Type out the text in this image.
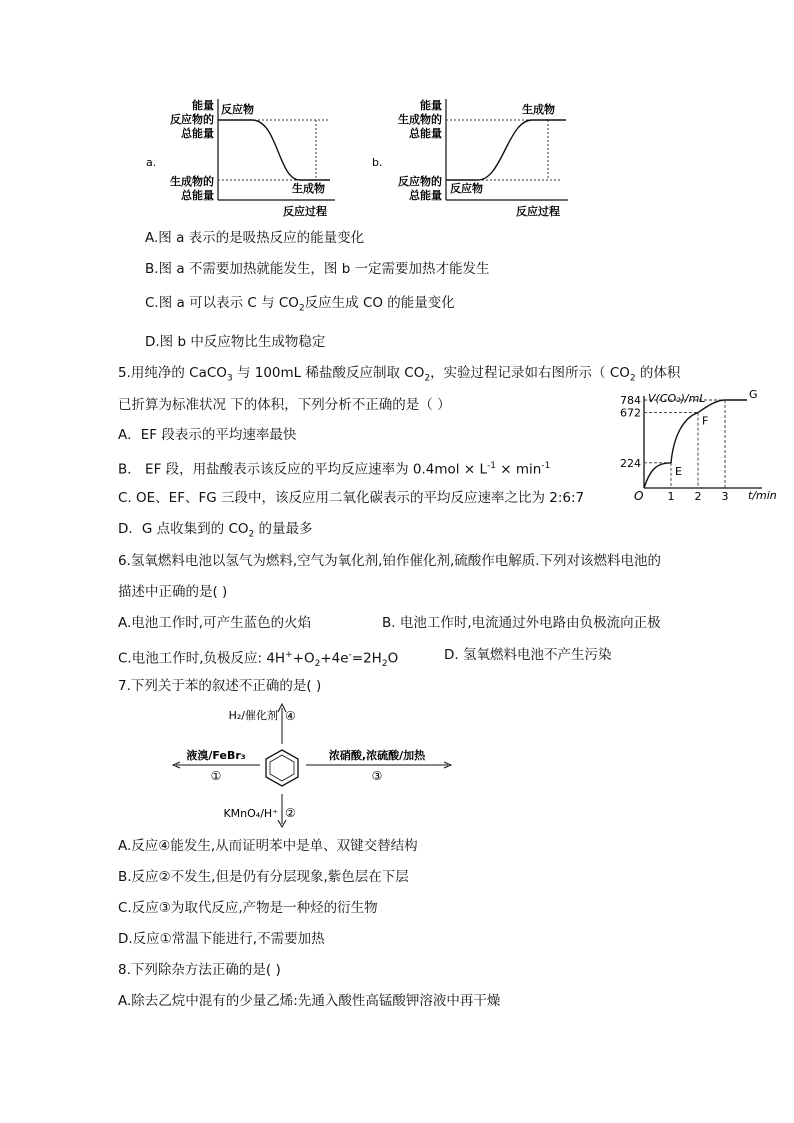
a.
能量
反应物的
总能量
生成物的
总能量
反应物
生成物
反应过程
b.
能量
生成物的
总能量
反应物的
总能量
生成物
反应物
反应过程
A.图 a 表示的是吸热反应的能量变化
B.图 a 不需要加热就能发生，图 b 一定需要加热才能发生
C.图 a 可以表示 C 与 $CO_2$反应生成 CO 的能量变化
D.图 b 中反应物比生成物稳定
5.用纯净的 CaCO$_3$ 与 100mL 稀盐酸反应制取 $CO_2$，实验过程记录如右图所示（ $CO_2$ 的体积
已折算为标准状况 下的体积，下列分析不正确的是（ ）
A．EF 段表示的平均速率最快
B． EF 段，用盐酸表示该反应的平均反应速率为 $0.4mol \times L^{-1} \times \min^{-1}$
C. OE、EF、FG 三段中，该反应用二氧化碳表示的平均反应速率之比为 2:6:7
D．G 点收集到的 $CO_2$ 的量最多
V(CO₂)/mL
t/min
O
224
672
784
1 2 3
E
F
G
6.氢氧燃料电池以氢气为燃料,空气为氧化剂,铂作催化剂,硫酸作电解质.下列对该燃料电池的
描述中正确的是( )
A.电池工作时,可产生蓝色的火焰	B. 电池工作时,电流通过外电路由负极流向正极
C.电池工作时,负极反应: $4H^++O_2+4e^-=2H_2O$	D. 氢氧燃料电池不产生污染
7.下列关于苯的叙述不正确的是( )
H₂/催化剂 ④
液溴/FeBr₃
①
浓硝酸,浓硫酸/加热
③
KMnO₄/H⁺ ②
A.反应④能发生,从而证明苯中是单、双键交替结构
B.反应②不发生,但是仍有分层现象,紫色层在下层
C.反应③为取代反应,产物是一种烃的衍生物
D.反应①常温下能进行,不需要加热
8.下列除杂方法正确的是( )
A.除去乙烷中混有的少量乙烯:先通入酸性高锰酸钾溶液中再干燥
